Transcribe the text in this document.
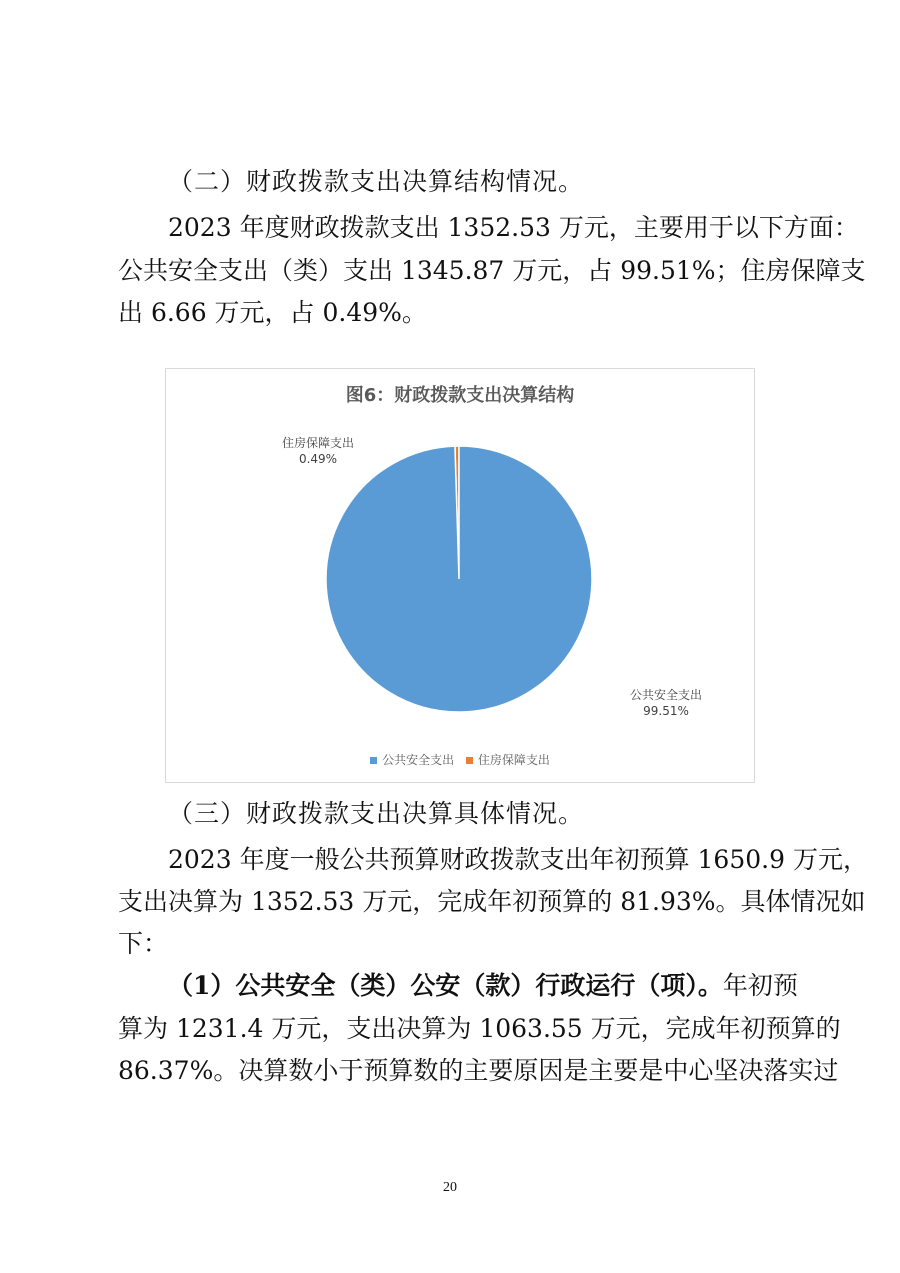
（二）财政拨款支出决算结构情况。
2023 年度财政拨款支出 1352.53 万元，主要用于以下方面：
公共安全支出（类）支出 1345.87 万元，占 99.51%；住房保障支
出 6.66 万元，占 0.49%。
图6：财政拨款支出决算结构
住房保障支出
0.49%
公共安全支出
99.51%
公共安全支出 住房保障支出
（三）财政拨款支出决算具体情况。
2023 年度一般公共预算财政拨款支出年初预算 1650.9 万元，
支出决算为 1352.53 万元，完成年初预算的 81.93%。具体情况如
下：
（1）公共安全（类）公安（款）行政运行（项）。 年初预
算为 1231.4 万元，支出决算为 1063.55 万元，完成年初预算的
86.37%。决算数小于预算数的主要原因是主要是中心坚决落实过
20
